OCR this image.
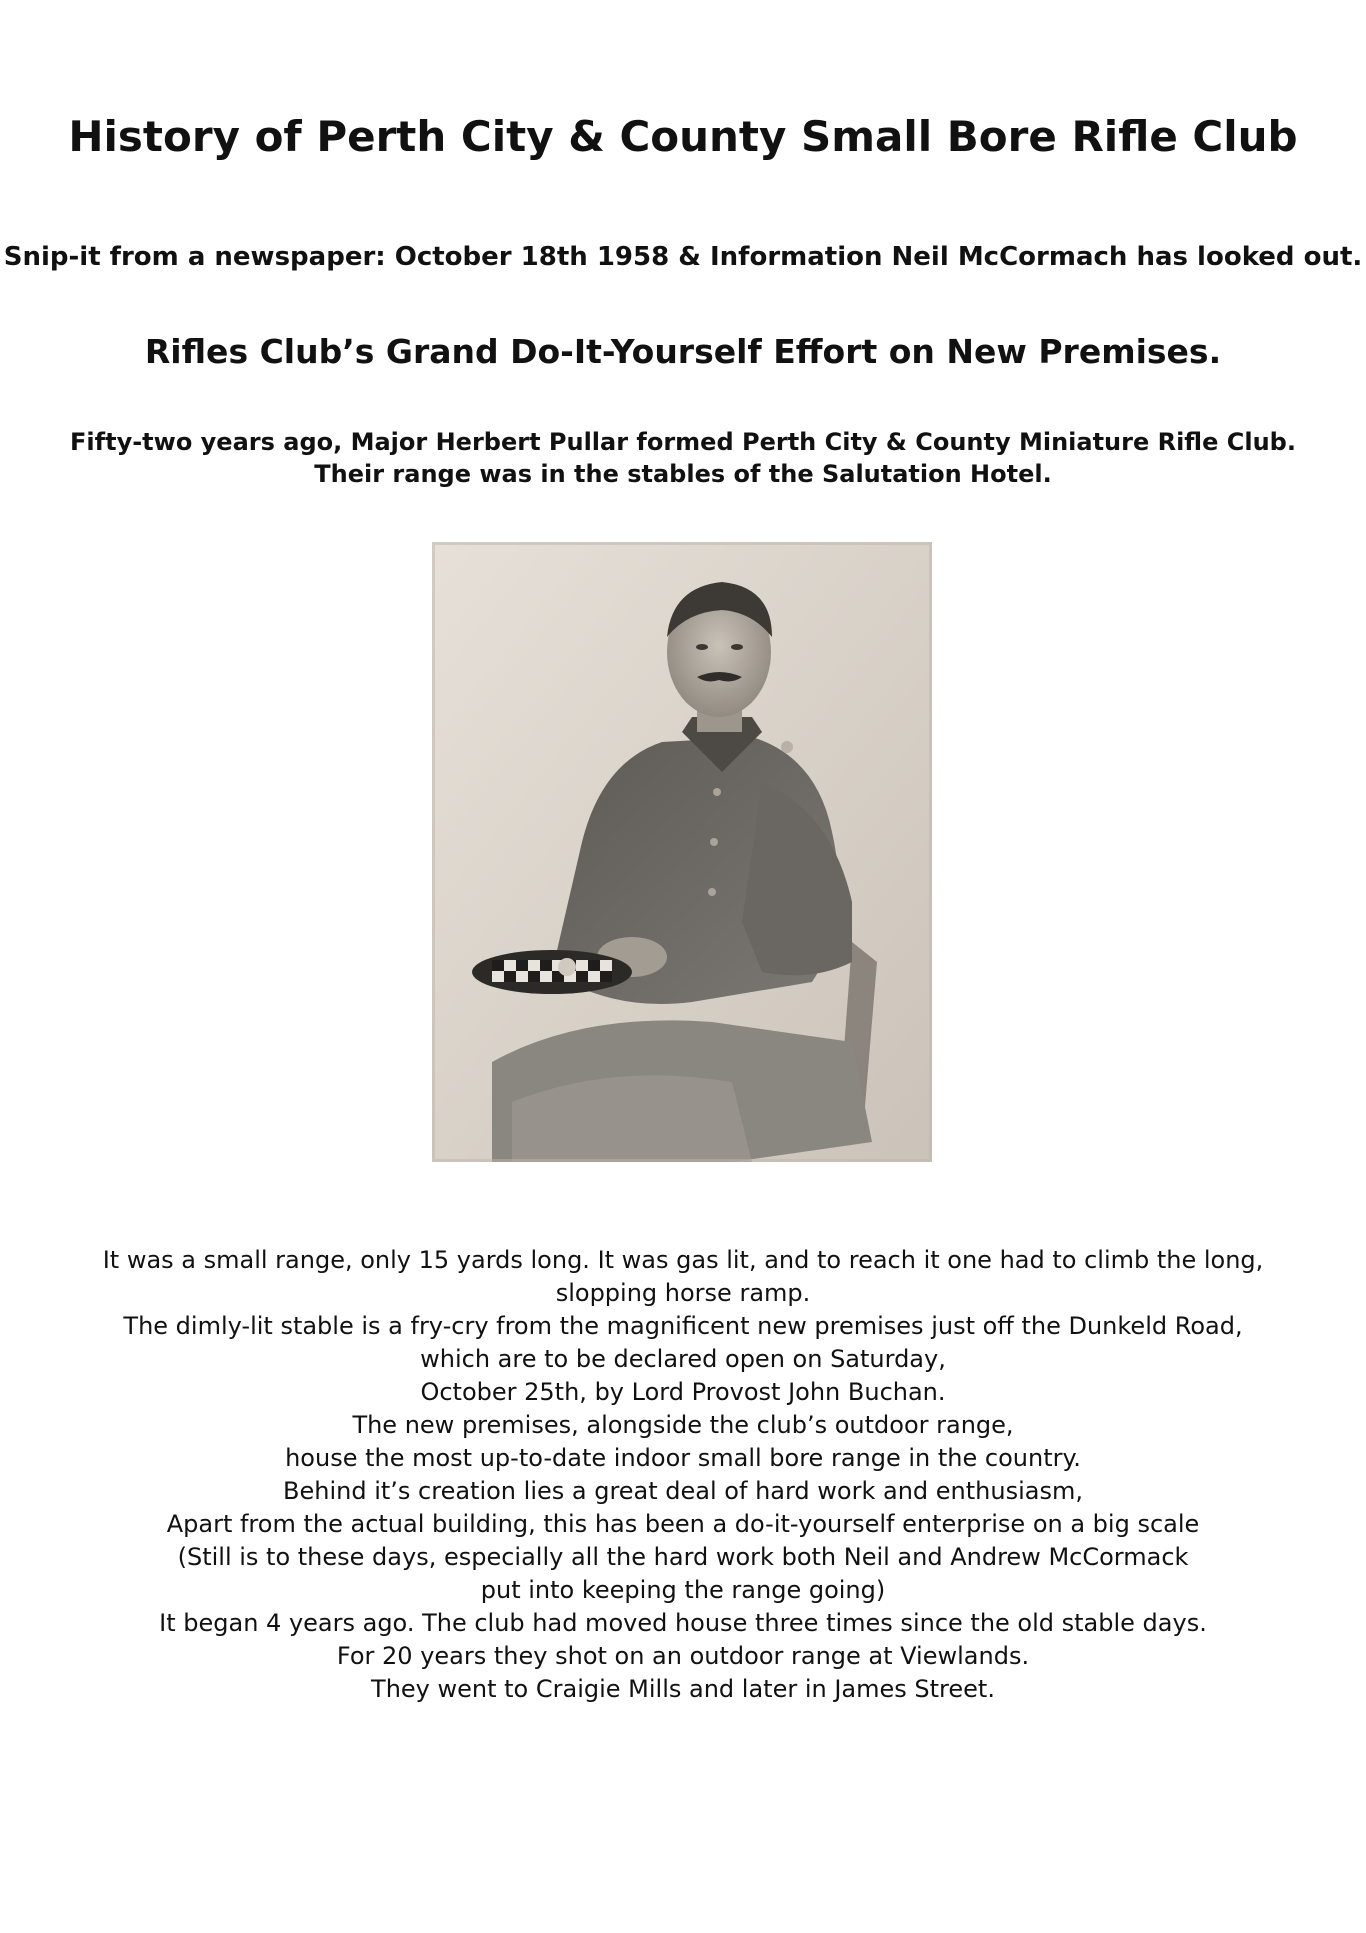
History of Perth City & County Small Bore Rifle Club

Snip-it from a newspaper: October 18th 1958 & Information Neil McCormach has looked out.

Rifles Club’s Grand Do-It-Yourself Effort on New Premises.

Fifty-two years ago, Major Herbert Pullar formed Perth City & County Miniature Rifle Club.
Their range was in the stables of the Salutation Hotel.

It was a small range, only 15 yards long. It was gas lit, and to reach it one had to climb the long,
slopping horse ramp.
The dimly-lit stable is a fry-cry from the magnificent new premises just off the Dunkeld Road,
which are to be declared open on Saturday,
October 25th, by Lord Provost John Buchan.
The new premises, alongside the club’s outdoor range,
house the most up-to-date indoor small bore range in the country.
Behind it’s creation lies a great deal of hard work and enthusiasm,
Apart from the actual building, this has been a do-it-yourself enterprise on a big scale
(Still is to these days, especially all the hard work both Neil and Andrew McCormack
put into keeping the range going)
It began 4 years ago. The club had moved house three times since the old stable days.
For 20 years they shot on an outdoor range at Viewlands.
They went to Craigie Mills and later in James Street.
